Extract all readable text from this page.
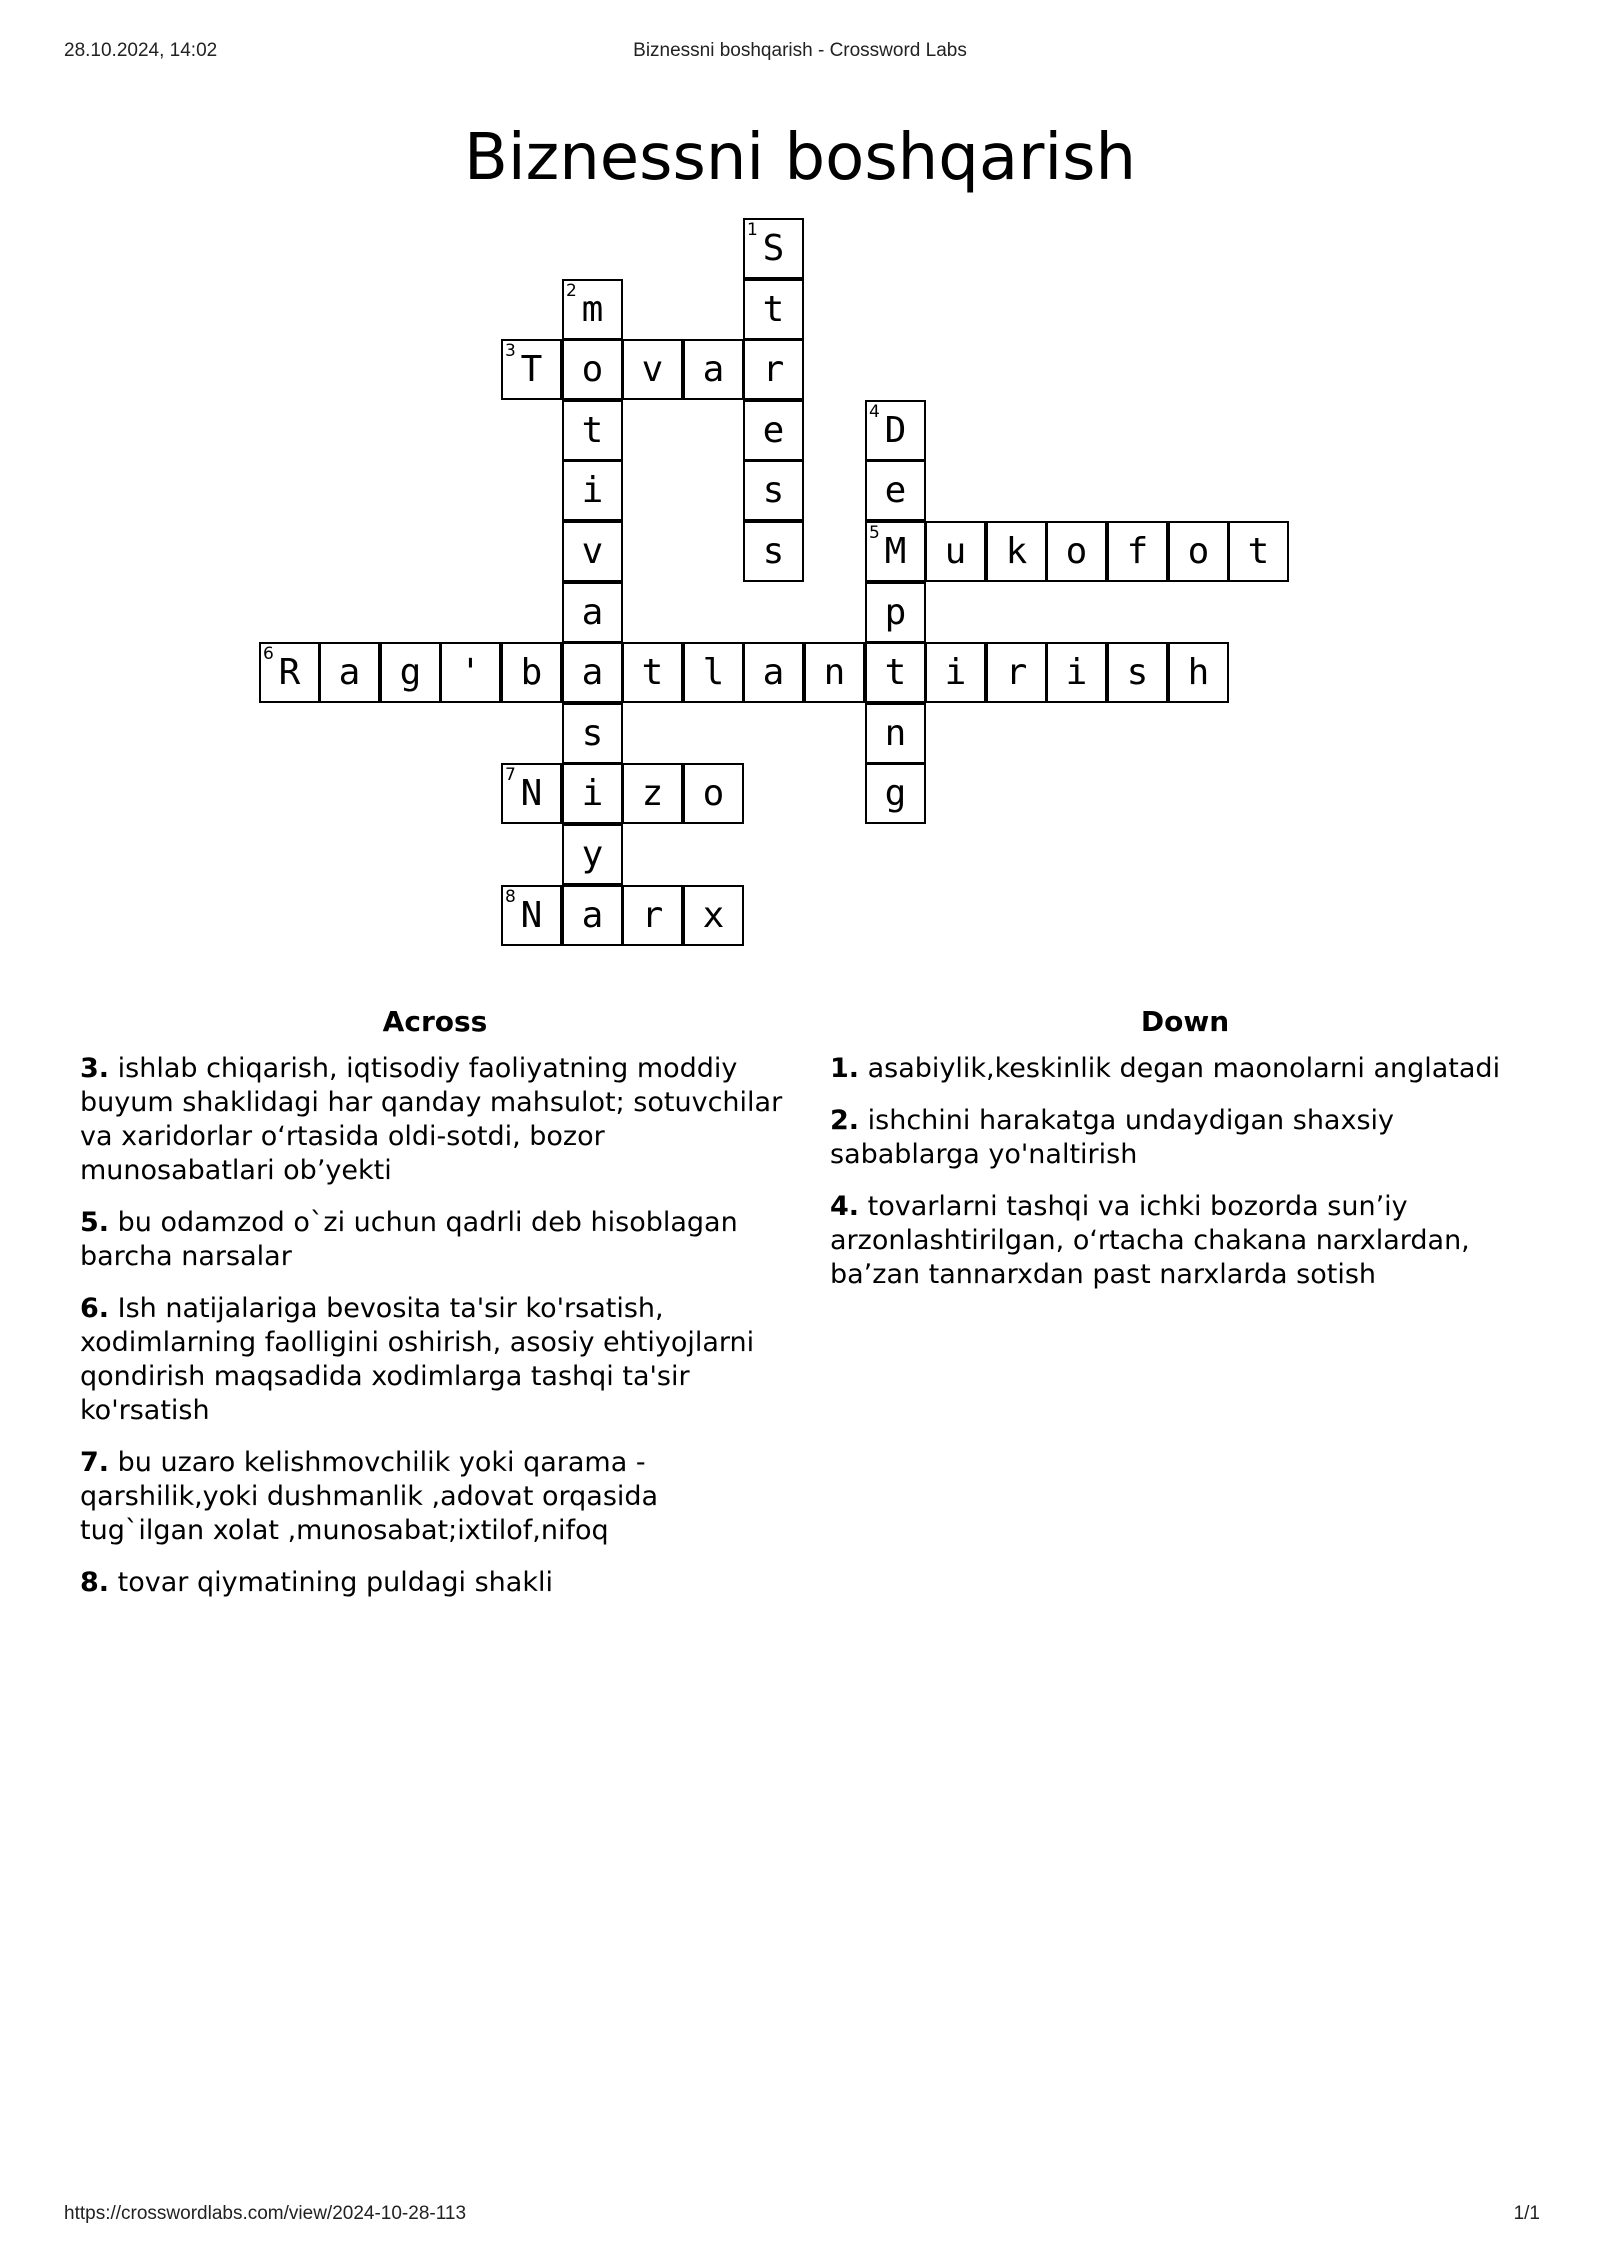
28.10.2024, 14:02	Biznessni boshqarish - Crossword Labs
Biznessni boshqarish
1 S
2 m	t
3 T	o	v	a	r
t	e	4 D
i	s	e
v	s	5 M	u	k	o	f	o	t
a	p
6 R	a	g	'	b	a	t	l	a	n	t	i	r	i	s	h
s	n
7 N	i	z	o	g
y
8 N	a	r	x
Across
3. ishlab chiqarish, iqtisodiy faoliyatning moddiy buyum shaklidagi har qanday mahsulot; sotuvchilar va xaridorlar oʻrtasida oldi-sotdi, bozor munosabatlari obʼyekti
5. bu odamzod o`zi uchun qadrli deb hisoblagan barcha narsalar
6. Ish natijalariga bevosita ta'sir ko'rsatish, xodimlarning faolligini oshirish, asosiy ehtiyojlarni qondirish maqsadida xodimlarga tashqi ta'sir ko'rsatish
7. bu uzaro kelishmovchilik yoki qarama - qarshilik,yoki dushmanlik ,adovat orqasida tug`ilgan xolat ,munosabat;ixtilof,nifoq
8. tovar qiymatining puldagi shakli
Down
1. asabiylik,keskinlik degan maonolarni anglatadi
2. ishchini harakatga undaydigan shaxsiy sabablarga yo'naltirish
4. tovarlarni tashqi va ichki bozorda sunʼiy arzonlashtirilgan, oʻrtacha chakana narxlardan, baʼzan tannarxdan past narxlarda sotish
https://crosswordlabs.com/view/2024-10-28-113	1/1
